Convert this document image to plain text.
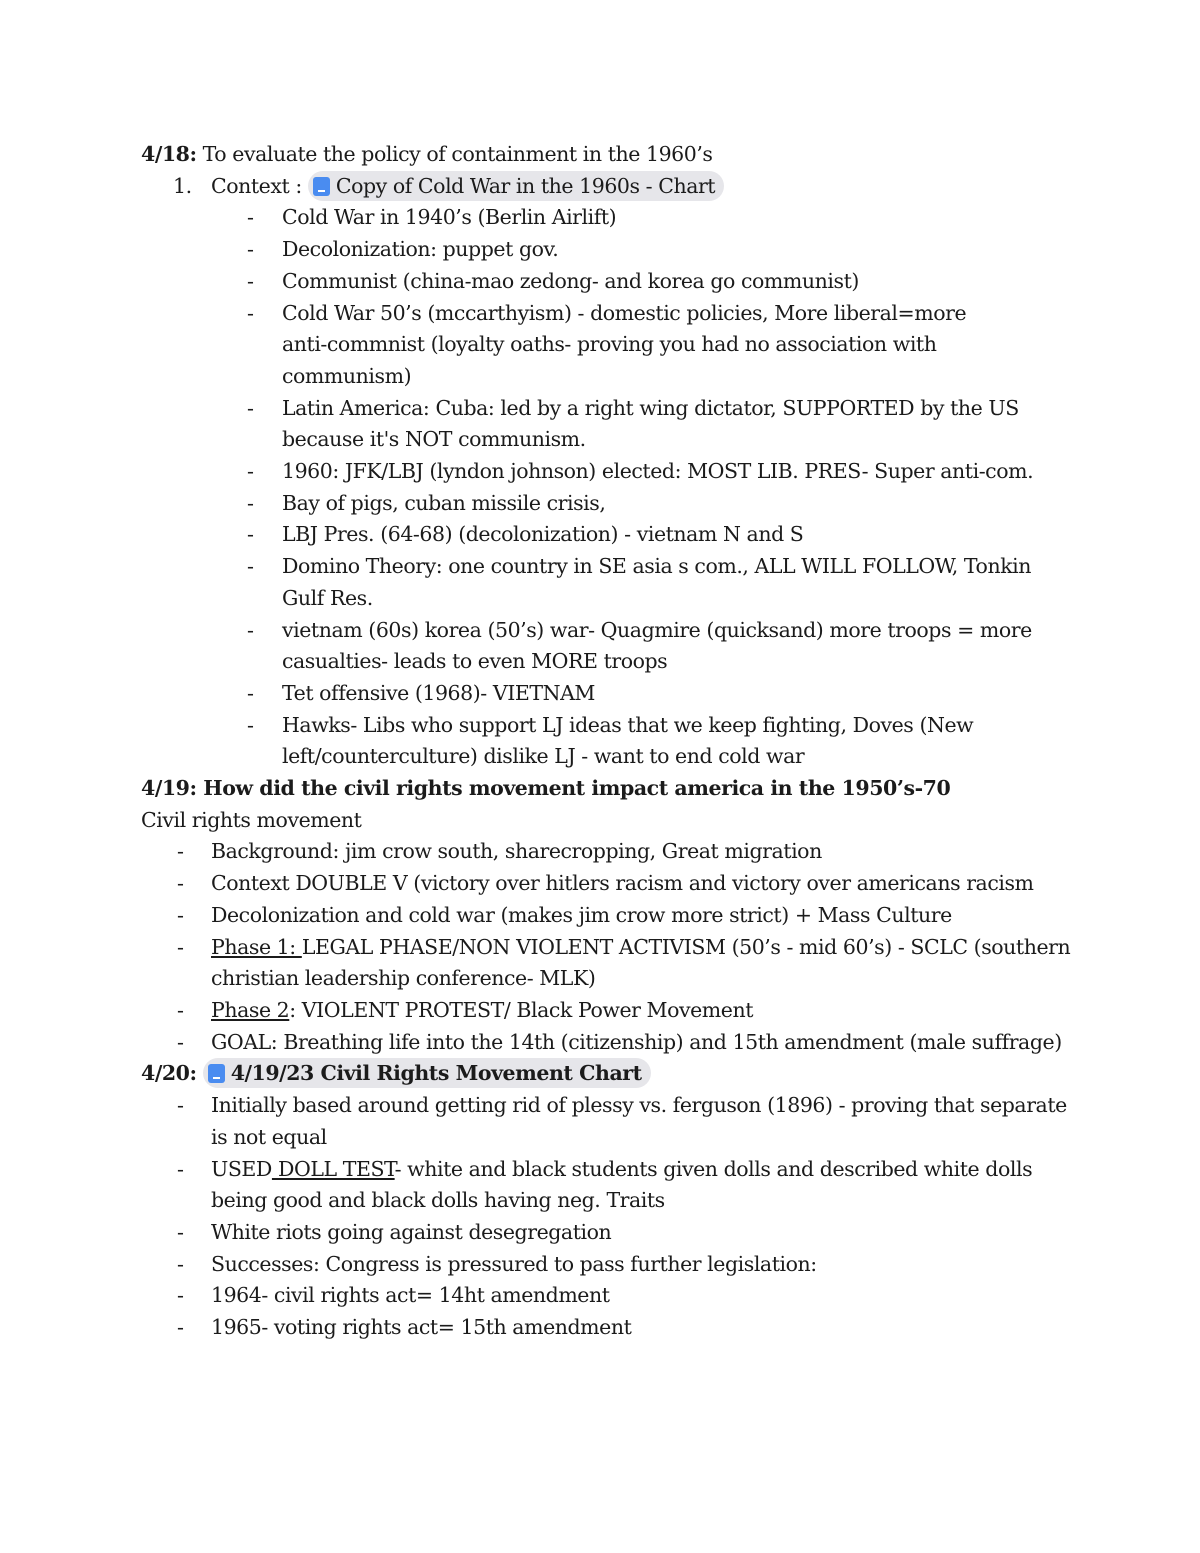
4/18: To evaluate the policy of containment in the 1960’s
1. Context : Copy of Cold War in the 1960s - Chart
- Cold War in 1940’s (Berlin Airlift)
- Decolonization: puppet gov.
- Communist (china-mao zedong- and korea go communist)
- Cold War 50’s (mccarthyism) - domestic policies, More liberal=more
anti-commnist (loyalty oaths- proving you had no association with
communism)
- Latin America: Cuba: led by a right wing dictator, SUPPORTED by the US
because it's NOT communism.
- 1960: JFK/LBJ (lyndon johnson) elected: MOST LIB. PRES- Super anti-com.
- Bay of pigs, cuban missile crisis,
- LBJ Pres. (64-68) (decolonization) - vietnam N and S
- Domino Theory: one country in SE asia s com., ALL WILL FOLLOW, Tonkin
Gulf Res.
- vietnam (60s) korea (50’s) war- Quagmire (quicksand) more troops = more
casualties- leads to even MORE troops
- Tet offensive (1968)- VIETNAM
- Hawks- Libs who support LJ ideas that we keep fighting, Doves (New
left/counterculture) dislike LJ - want to end cold war
4/19: How did the civil rights movement impact america in the 1950’s-70
Civil rights movement
- Background: jim crow south, sharecropping, Great migration
- Context DOUBLE V (victory over hitlers racism and victory over americans racism
- Decolonization and cold war (makes jim crow more strict) + Mass Culture
- Phase 1: LEGAL PHASE/NON VIOLENT ACTIVISM (50’s - mid 60’s) - SCLC (southern
christian leadership conference- MLK)
- Phase 2: VIOLENT PROTEST/ Black Power Movement
- GOAL: Breathing life into the 14th (citizenship) and 15th amendment (male suffrage)
4/20: 4/19/23 Civil Rights Movement Chart
- Initially based around getting rid of plessy vs. ferguson (1896) - proving that separate
is not equal
- USED DOLL TEST- white and black students given dolls and described white dolls
being good and black dolls having neg. Traits
- White riots going against desegregation
- Successes: Congress is pressured to pass further legislation:
- 1964- civil rights act= 14ht amendment
- 1965- voting rights act= 15th amendment
